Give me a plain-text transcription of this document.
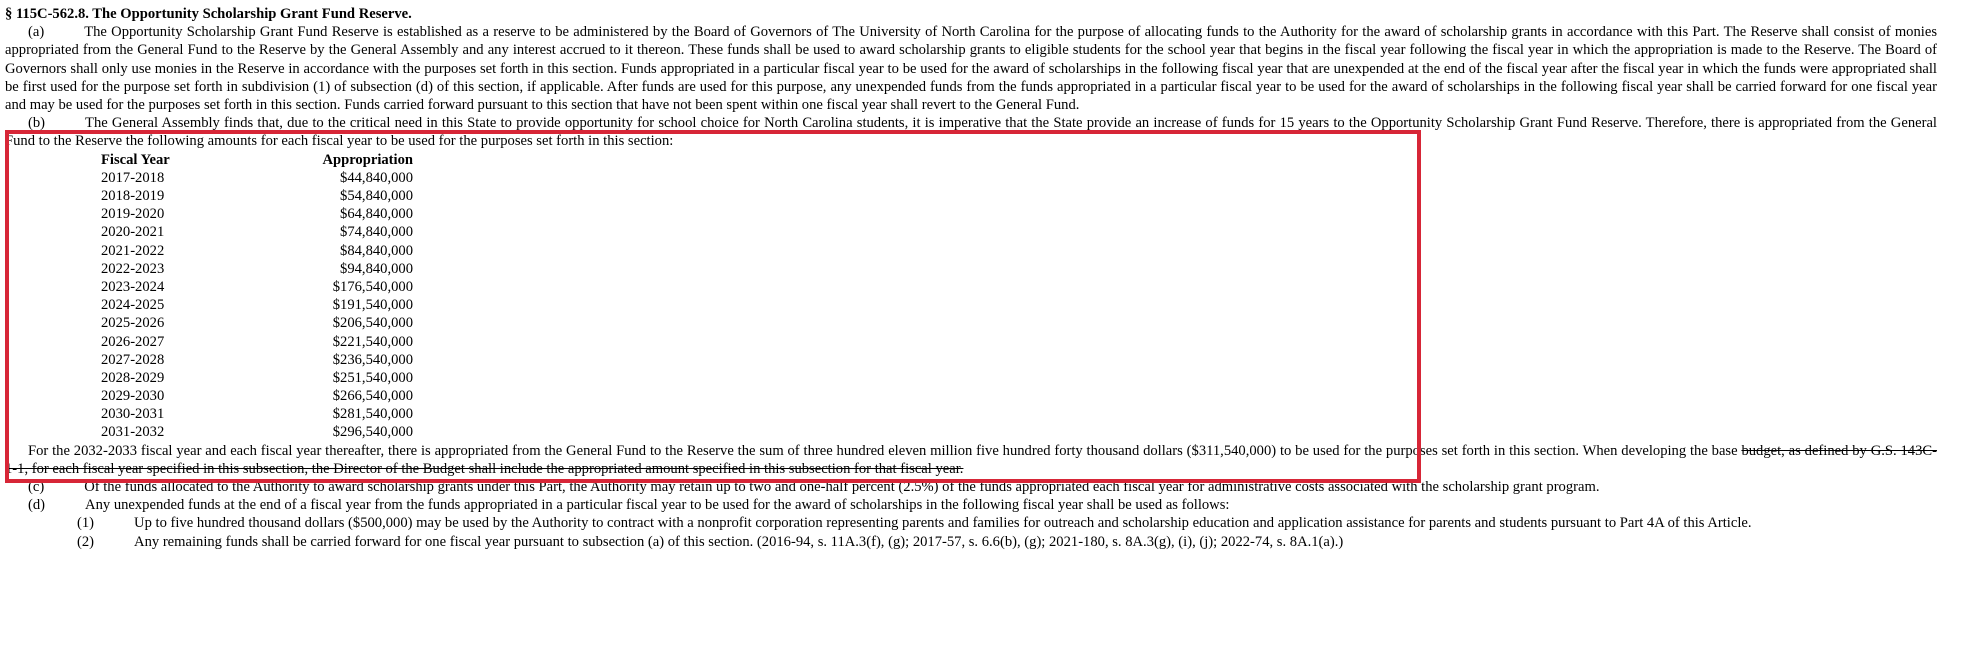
§ 115C-562.8. The Opportunity Scholarship Grant Fund Reserve.

(a)	The Opportunity Scholarship Grant Fund Reserve is established as a reserve to be administered by the Board of Governors of The University of North Carolina for the purpose of allocating funds to the Authority for the award of scholarship grants in accordance with this Part. The Reserve shall consist of monies appropriated from the General Fund to the Reserve by the General Assembly and any interest accrued to it thereon. These funds shall be used to award scholarship grants to eligible students for the school year that begins in the fiscal year following the fiscal year in which the appropriation is made to the Reserve. The Board of Governors shall only use monies in the Reserve in accordance with the purposes set forth in this section. Funds appropriated in a particular fiscal year to be used for the award of scholarships in the following fiscal year that are unexpended at the end of the fiscal year after the fiscal year in which the funds were appropriated shall be first used for the purpose set forth in subdivision (1) of subsection (d) of this section, if applicable. After funds are used for this purpose, any unexpended funds from the funds appropriated in a particular fiscal year to be used for the award of scholarships in the following fiscal year shall be carried forward for one fiscal year and may be used for the purposes set forth in this section. Funds carried forward pursuant to this section that have not been spent within one fiscal year shall revert to the General Fund.

(b)	The General Assembly finds that, due to the critical need in this State to provide opportunity for school choice for North Carolina students, it is imperative that the State provide an increase of funds for 15 years to the Opportunity Scholarship Grant Fund Reserve. Therefore, there is appropriated from the General Fund to the Reserve the following amounts for each fiscal year to be used for the purposes set forth in this section:

Fiscal Year	Appropriation
2017-2018	$44,840,000
2018-2019	$54,840,000
2019-2020	$64,840,000
2020-2021	$74,840,000
2021-2022	$84,840,000
2022-2023	$94,840,000
2023-2024	$176,540,000
2024-2025	$191,540,000
2025-2026	$206,540,000
2026-2027	$221,540,000
2027-2028	$236,540,000
2028-2029	$251,540,000
2029-2030	$266,540,000
2030-2031	$281,540,000
2031-2032	$296,540,000

For the 2032-2033 fiscal year and each fiscal year thereafter, there is appropriated from the General Fund to the Reserve the sum of three hundred eleven million five hundred forty thousand dollars ($311,540,000) to be used for the purposes set forth in this section. When developing the base budget, as defined by G.S. 143C-1-1, for each fiscal year specified in this subsection, the Director of the Budget shall include the appropriated amount specified in this subsection for that fiscal year.

(c)	Of the funds allocated to the Authority to award scholarship grants under this Part, the Authority may retain up to two and one-half percent (2.5%) of the funds appropriated each fiscal year for administrative costs associated with the scholarship grant program.

(d)	Any unexpended funds at the end of a fiscal year from the funds appropriated in a particular fiscal year to be used for the award of scholarships in the following fiscal year shall be used as follows:

(1)	Up to five hundred thousand dollars ($500,000) may be used by the Authority to contract with a nonprofit corporation representing parents and families for outreach and scholarship education and application assistance for parents and students pursuant to Part 4A of this Article.

(2)	Any remaining funds shall be carried forward for one fiscal year pursuant to subsection (a) of this section. (2016-94, s. 11A.3(f), (g); 2017-57, s. 6.6(b), (g); 2021-180, s. 8A.3(g), (i), (j); 2022-74, s. 8A.1(a).)
